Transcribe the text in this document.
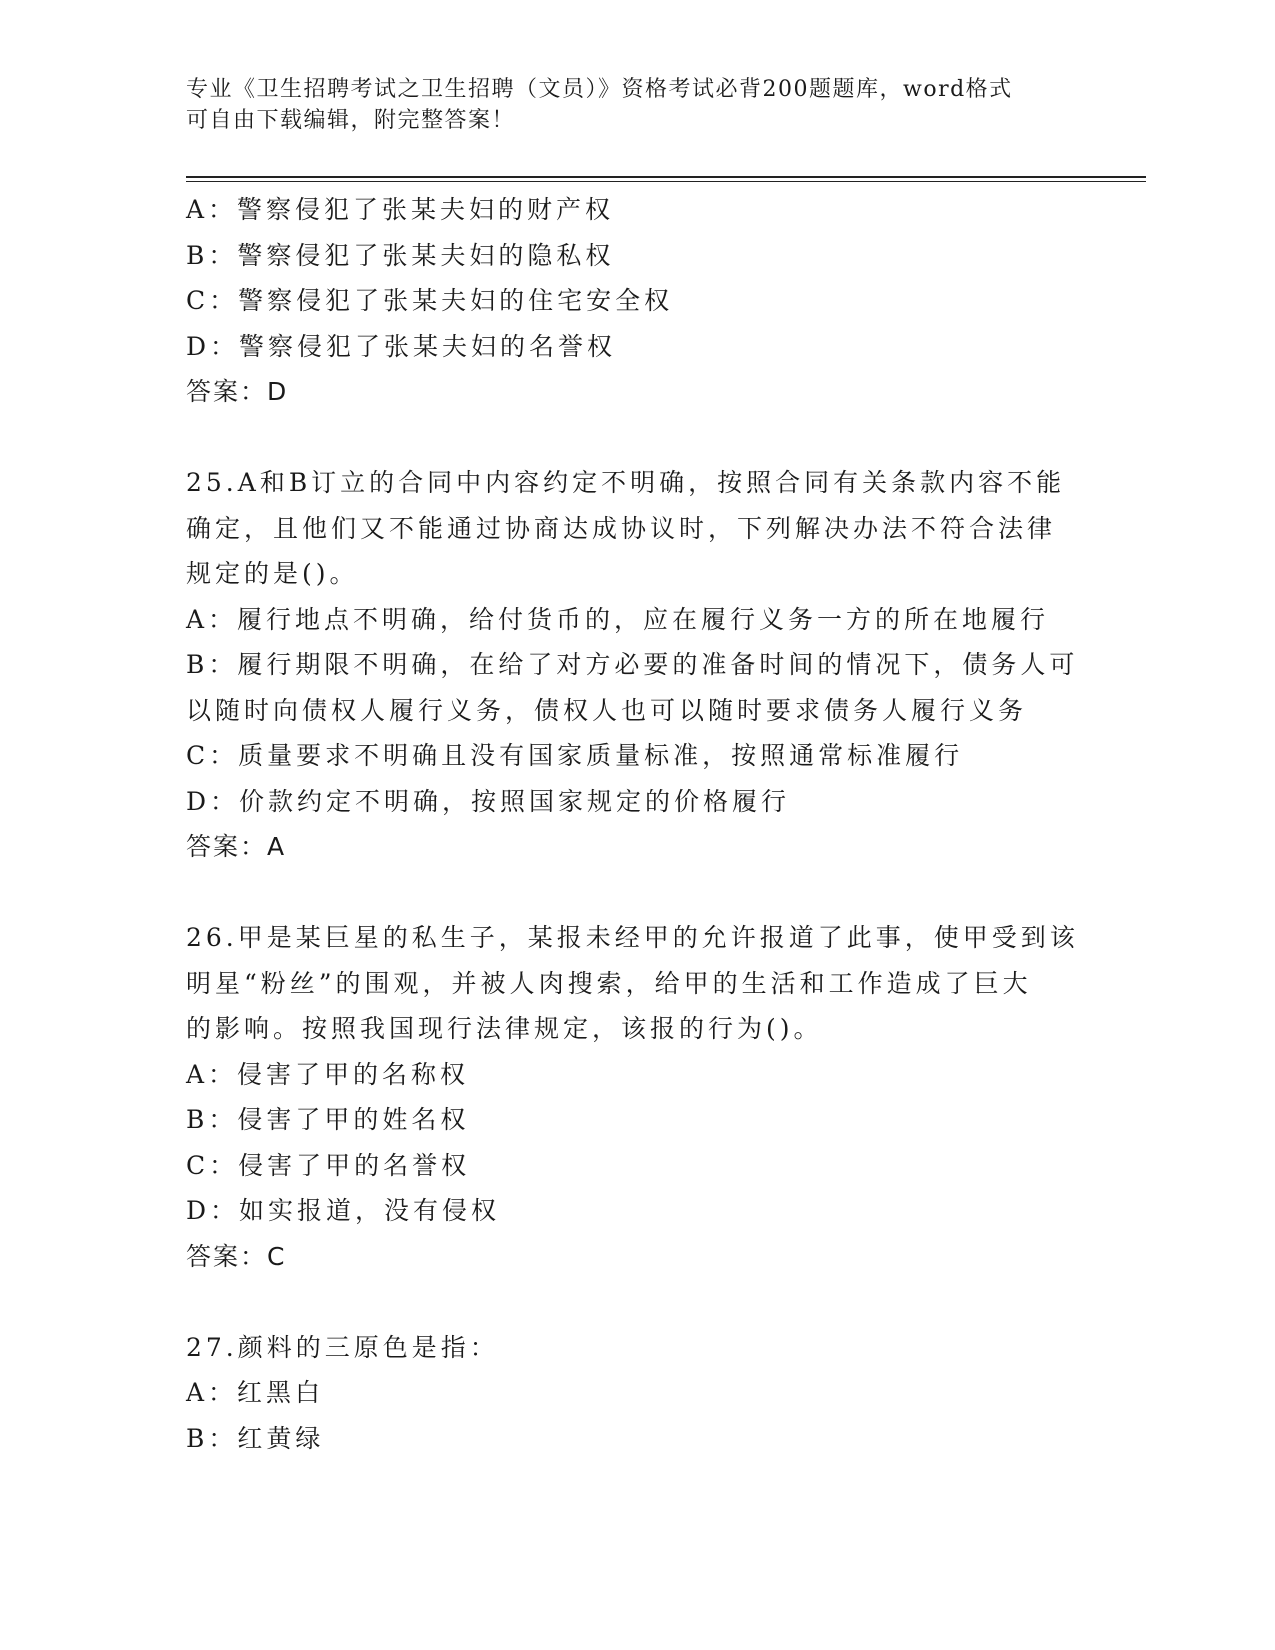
专业《卫生招聘考试之卫生招聘（文员）》资格考试必背200题题库，word格式
可自由下载编辑，附完整答案！
A：警察侵犯了张某夫妇的财产权
B：警察侵犯了张某夫妇的隐私权
C：警察侵犯了张某夫妇的住宅安全权
D：警察侵犯了张某夫妇的名誉权
答案：D
25.A和B订立的合同中内容约定不明确，按照合同有关条款内容不能
确定，且他们又不能通过协商达成协议时，下列解决办法不符合法律
规定的是()。
A：履行地点不明确，给付货币的，应在履行义务一方的所在地履行
B：履行期限不明确，在给了对方必要的准备时间的情况下，债务人可
以随时向债权人履行义务，债权人也可以随时要求债务人履行义务
C：质量要求不明确且没有国家质量标准，按照通常标准履行
D：价款约定不明确，按照国家规定的价格履行
答案：A
26.甲是某巨星的私生子，某报未经甲的允许报道了此事，使甲受到该
明星“粉丝”的围观，并被人肉搜索，给甲的生活和工作造成了巨大
的影响。按照我国现行法律规定，该报的行为()。
A：侵害了甲的名称权
B：侵害了甲的姓名权
C：侵害了甲的名誉权
D：如实报道，没有侵权
答案：C
27.颜料的三原色是指：
A：红黑白
B：红黄绿
